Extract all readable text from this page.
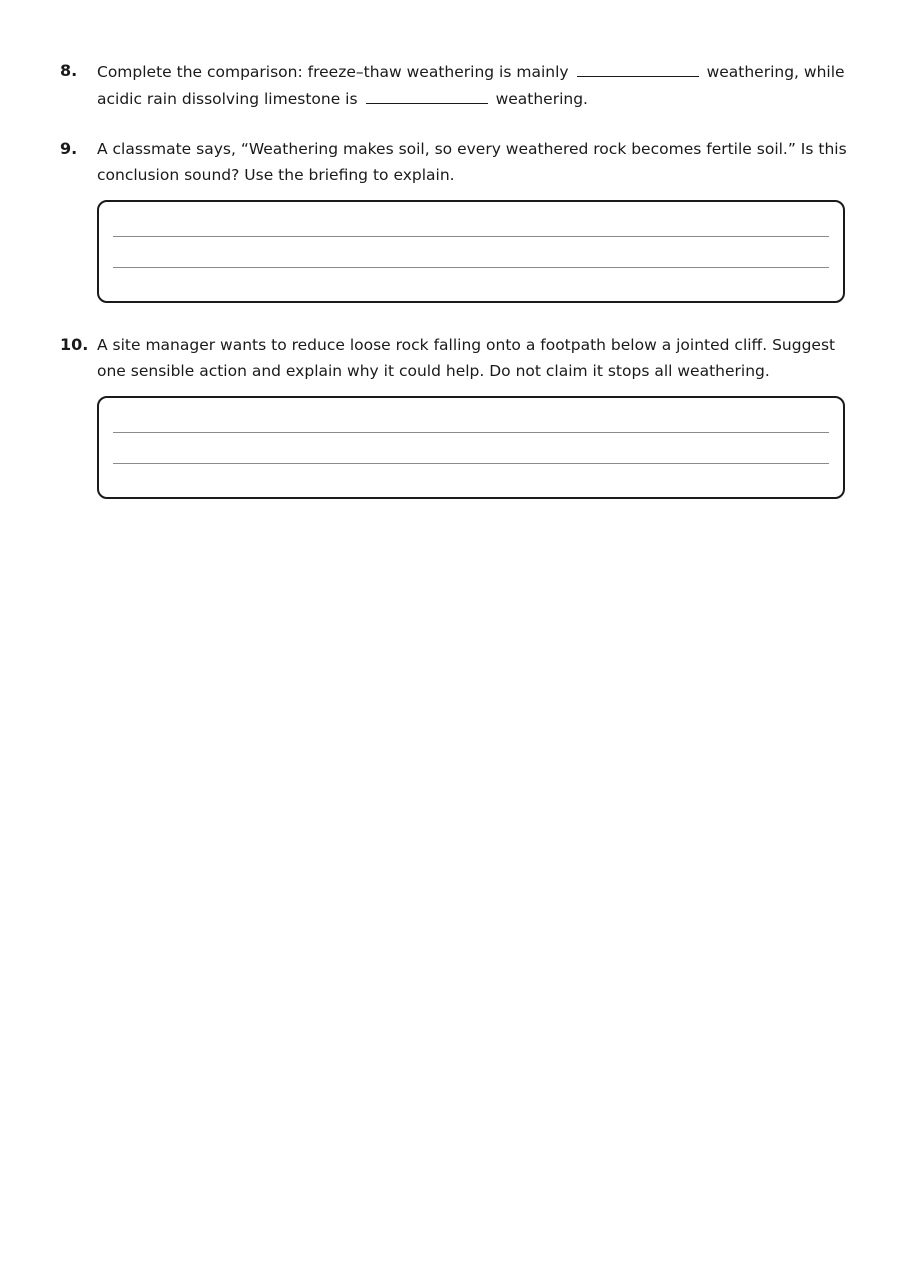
8. Complete the comparison: freeze–thaw weathering is mainly	weathering, while acidic rain dissolving limestone is	weathering.
9. A classmate says, “Weathering makes soil, so every weathered rock becomes fertile soil.” Is this conclusion sound? Use the briefing to explain.
10. A site manager wants to reduce loose rock falling onto a footpath below a jointed cliff. Suggest one sensible action and explain why it could help. Do not claim it stops all weathering.
